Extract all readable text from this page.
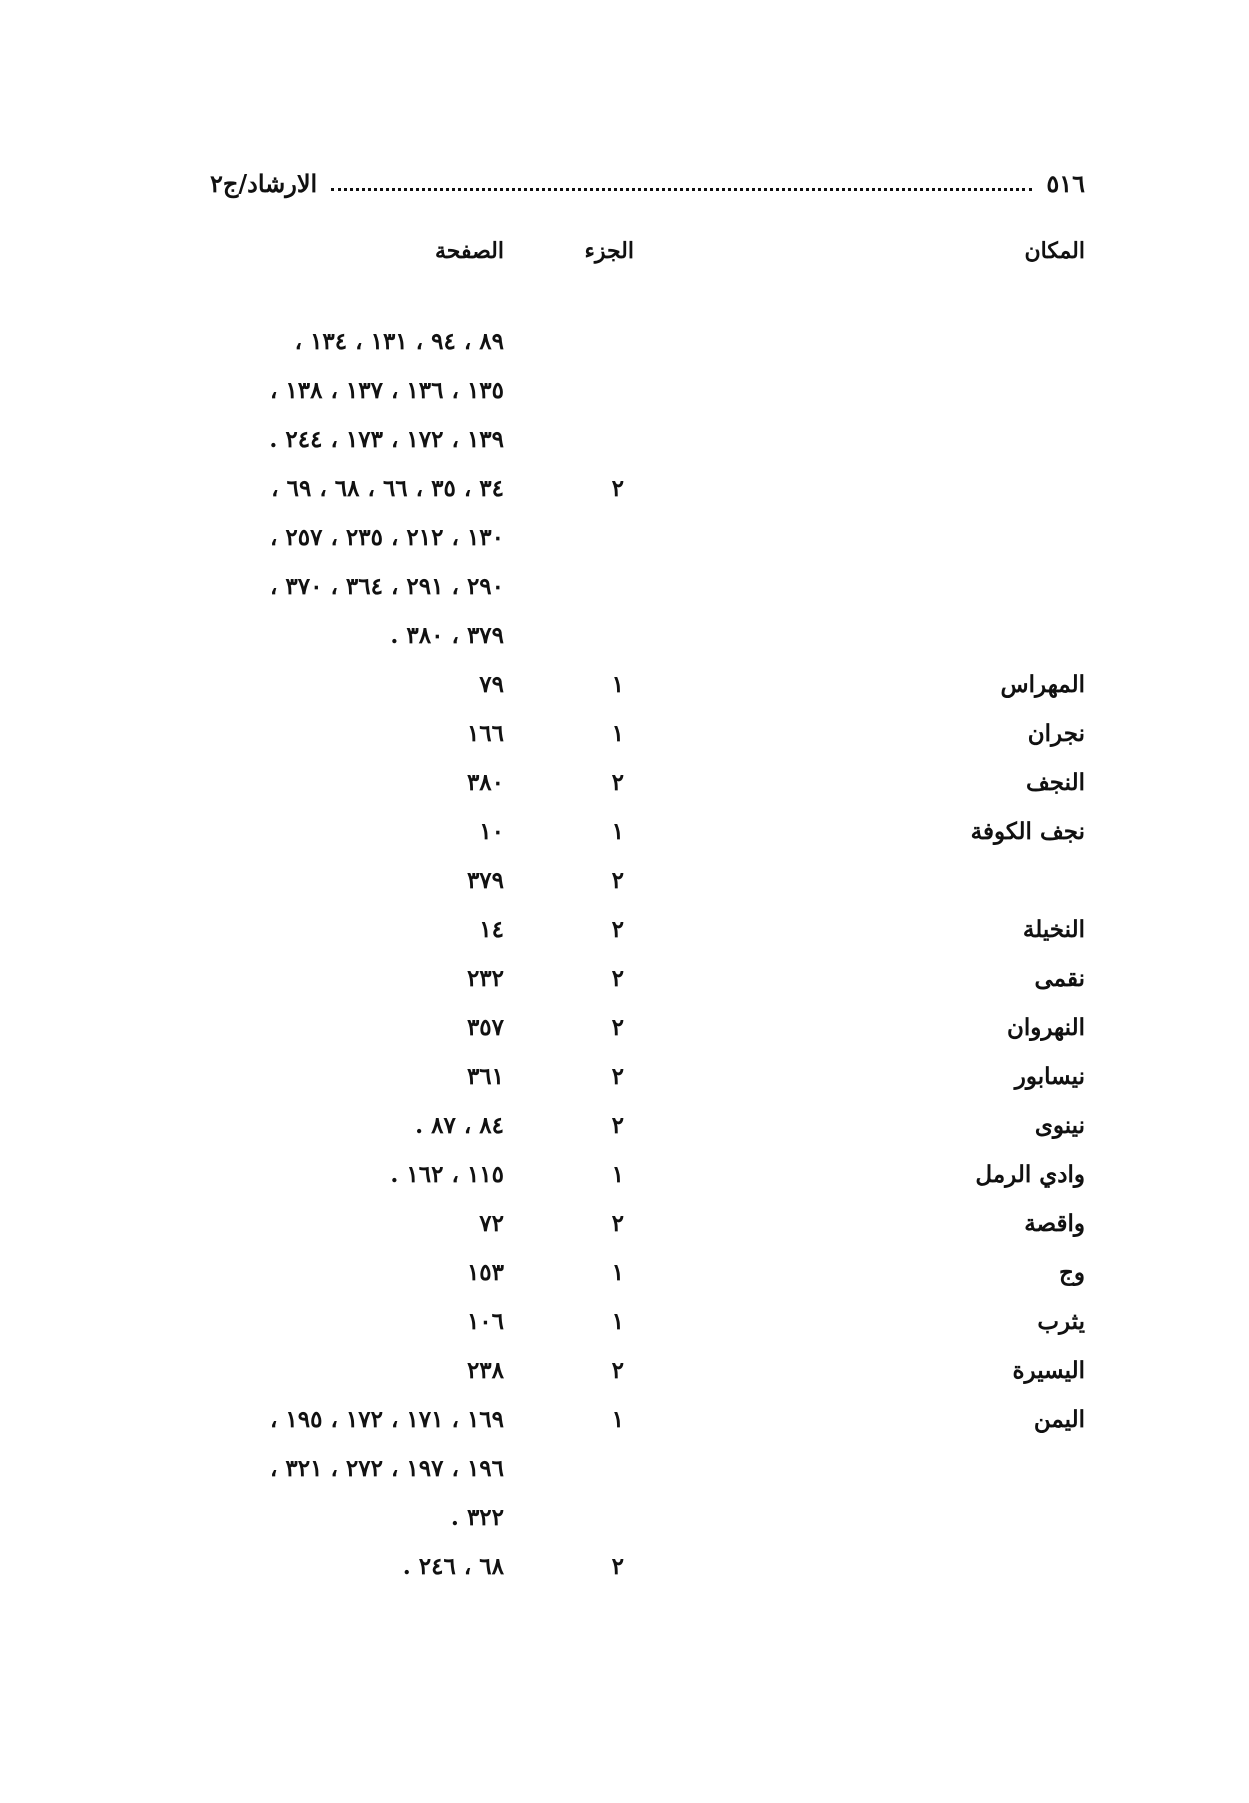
الارشاد/ج٢	٥١٦
المكان
الجزء
الصفحة
٨٩ ، ٩٤ ، ١٣١ ، ١٣٤ ،
١٣٥ ، ١٣٦ ، ١٣٧ ، ١٣٨ ،
١٣٩ ، ١٧٢ ، ١٧٣ ، ٢٤٤ .
٢
٣٤ ، ٣٥ ، ٦٦ ، ٦٨ ، ٦٩ ،
١٣٠ ، ٢١٢ ، ٢٣٥ ، ٢٥٧ ،
٢٩٠ ، ٢٩١ ، ٣٦٤ ، ٣٧٠ ،
٣٧٩ ، ٣٨٠ .
المهراس
١
٧٩
نجران
١
١٦٦
النجف
٢
٣٨٠
نجف الكوفة
١
١٠
٢
٣٧٩
النخيلة
٢
١٤
نقمى
٢
٢٣٢
النهروان
٢
٣٥٧
نيسابور
٢
٣٦١
نينوى
٢
٨٤ ، ٨٧ .
وادي الرمل
١
١١٥ ، ١٦٢ .
واقصة
٢
٧٢
وج
١
١٥٣
يثرب
١
١٠٦
اليسيرة
٢
٢٣٨
اليمن
١
١٦٩ ، ١٧١ ، ١٧٢ ، ١٩٥ ،
١٩٦ ، ١٩٧ ، ٢٧٢ ، ٣٢١ ،
٣٢٢ .
٢
٦٨ ، ٢٤٦ .
